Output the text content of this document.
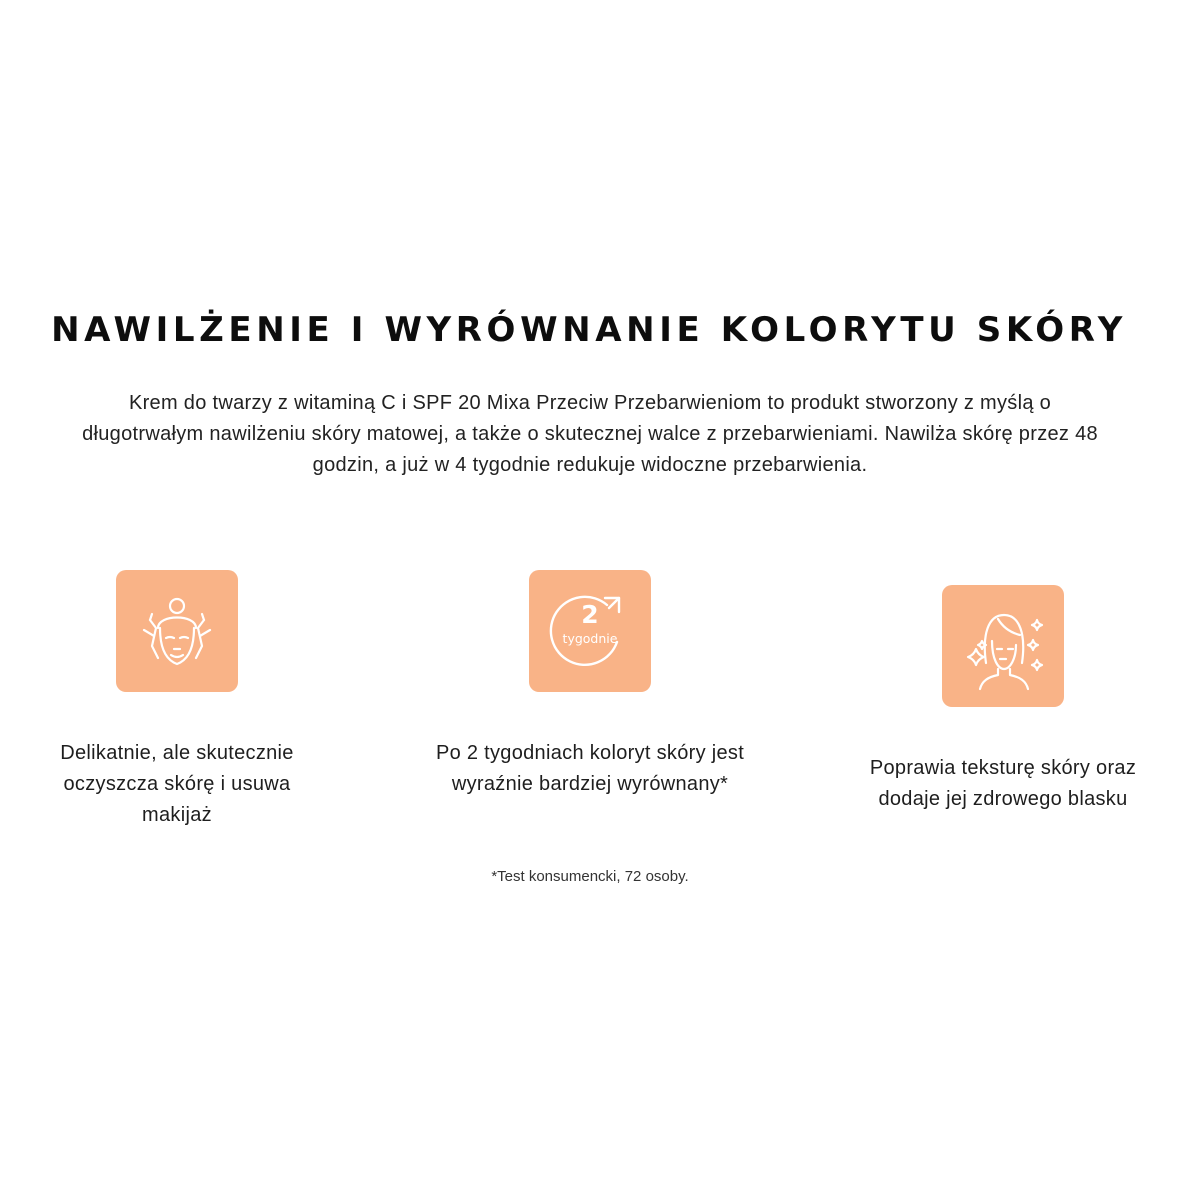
NAWILŻENIE I WYRÓWNANIE KOLORYTU SKÓRY

Krem do twarzy z witaminą C i SPF 20 Mixa Przeciw Przebarwieniom to produkt stworzony z myślą o długotrwałym nawilżeniu skóry matowej, a także o skutecznej walce z przebarwieniami. Nawilża skórę przez 48 godzin, a już w 4 tygodnie redukuje widoczne przebarwienia.

Delikatnie, ale skutecznie oczyszcza skórę i usuwa makijaż
2
tygodnie
Po 2 tygodniach koloryt skóry jest wyraźnie bardziej wyrównany*
*Test konsumencki, 72 osoby.
Poprawia teksturę skóry oraz dodaje jej zdrowego blasku
